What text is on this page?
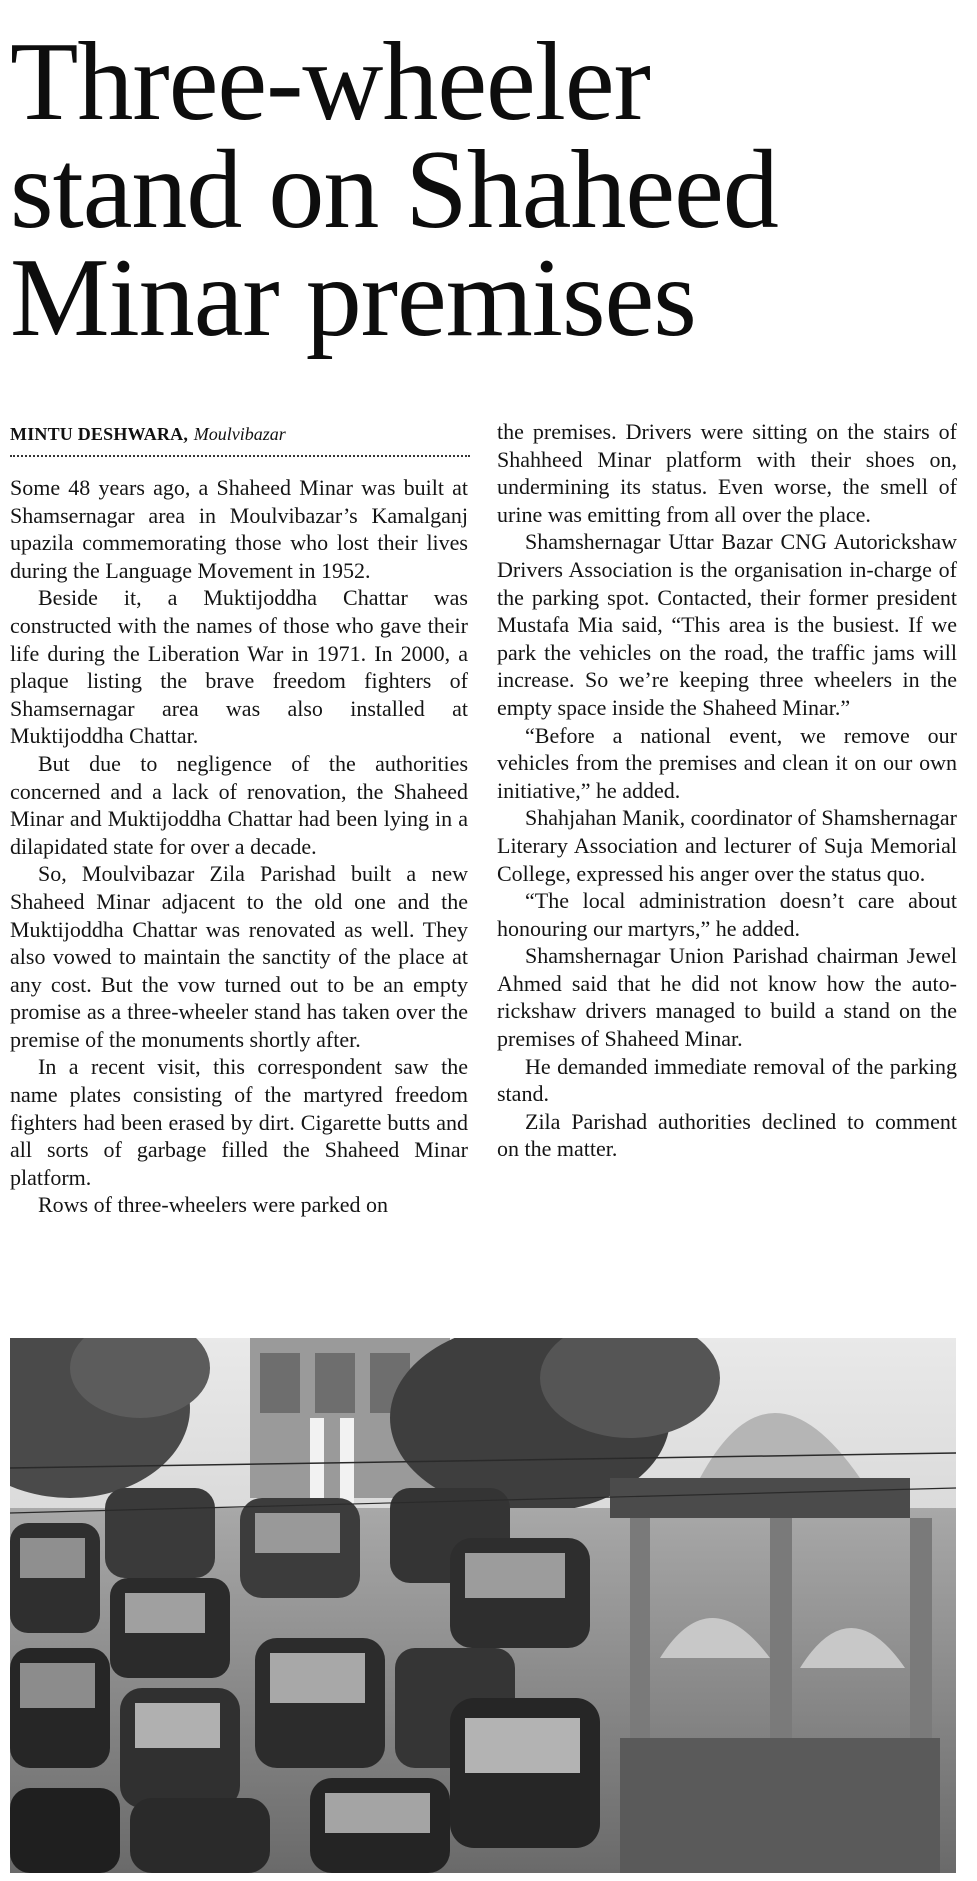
Three-wheeler
stand on Shaheed
Minar premises
MINTU DESHWARA, Moulvibazar

Some 48 years ago, a Shaheed Minar was built at Shamsernagar area in Moulvibazar’s Kamalganj upazila commemorating those who lost their lives during the Language Movement in 1952.

Beside it, a Muktijoddha Chattar was constructed with the names of those who gave their life during the Liberation War in 1971. In 2000, a plaque listing the brave freedom fighters of Shamsernagar area was also installed at Muktijoddha Chattar.

But due to negligence of the authorities concerned and a lack of renovation, the Shaheed Minar and Muktijoddha Chattar had been lying in a dilapidated state for over a decade.

So, Moulvibazar Zila Parishad built a new Shaheed Minar adjacent to the old one and the Muktijoddha Chattar was renovated as well. They also vowed to maintain the sanctity of the place at any cost. But the vow turned out to be an empty promise as a three-wheeler stand has taken over the premise of the monuments shortly after.

In a recent visit, this correspondent saw the name plates consisting of the martyred freedom fighters had been erased by dirt. Cigarette butts and all sorts of garbage filled the Shaheed Minar platform.

Rows of three-wheelers were parked on

the premises. Drivers were sitting on the stairs of Shahheed Minar platform with their shoes on, undermining its status. Even worse, the smell of urine was emitting from all over the place.

Shamshernagar Uttar Bazar CNG Autorickshaw Drivers Association is the organisation in-charge of the parking spot. Contacted, their former president Mustafa Mia said, “This area is the busiest. If we park the vehicles on the road, the traffic jams will increase. So we’re keeping three wheelers in the empty space inside the Shaheed Minar.”

“Before a national event, we remove our vehicles from the premises and clean it on our own initiative,” he added.

Shahjahan Manik, coordinator of Shamshernagar Literary Association and lecturer of Suja Memorial College, expressed his anger over the status quo.

“The local administration doesn’t care about honouring our martyrs,” he added.

Shamshernagar Union Parishad chairman Jewel Ahmed said that he did not know how the auto-rickshaw drivers managed to build a stand on the premises of Shaheed Minar.

He demanded immediate removal of the parking stand.

Zila Parishad authorities declined to comment on the matter.
